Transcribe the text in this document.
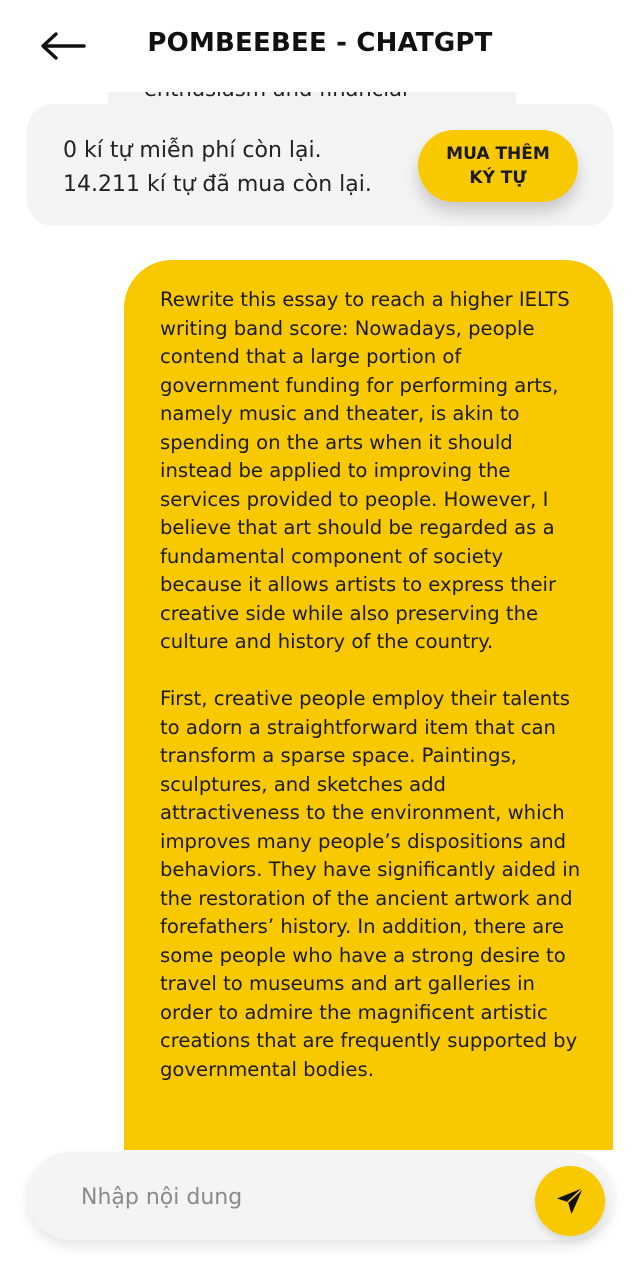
POMBEEBEE - CHATGPT
0 kí tự miễn phí còn lại.
14.211 kí tự đã mua còn lại.
MUA THÊM KÝ TỰ

Rewrite this essay to reach a higher IELTS writing band score: Nowadays, people contend that a large portion of government funding for performing arts, namely music and theater, is akin to spending on the arts when it should instead be applied to improving the services provided to people. However, I believe that art should be regarded as a fundamental component of society because it allows artists to express their creative side while also preserving the culture and history of the country.

First, creative people employ their talents to adorn a straightforward item that can transform a sparse space. Paintings, sculptures, and sketches add attractiveness to the environment, which improves many people’s dispositions and behaviors. They have significantly aided in the restoration of the ancient artwork and forefathers’ history. In addition, there are some people who have a strong desire to travel to museums and art galleries in order to admire the magnificent artistic creations that are frequently supported by governmental bodies.

Nhập nội dung
